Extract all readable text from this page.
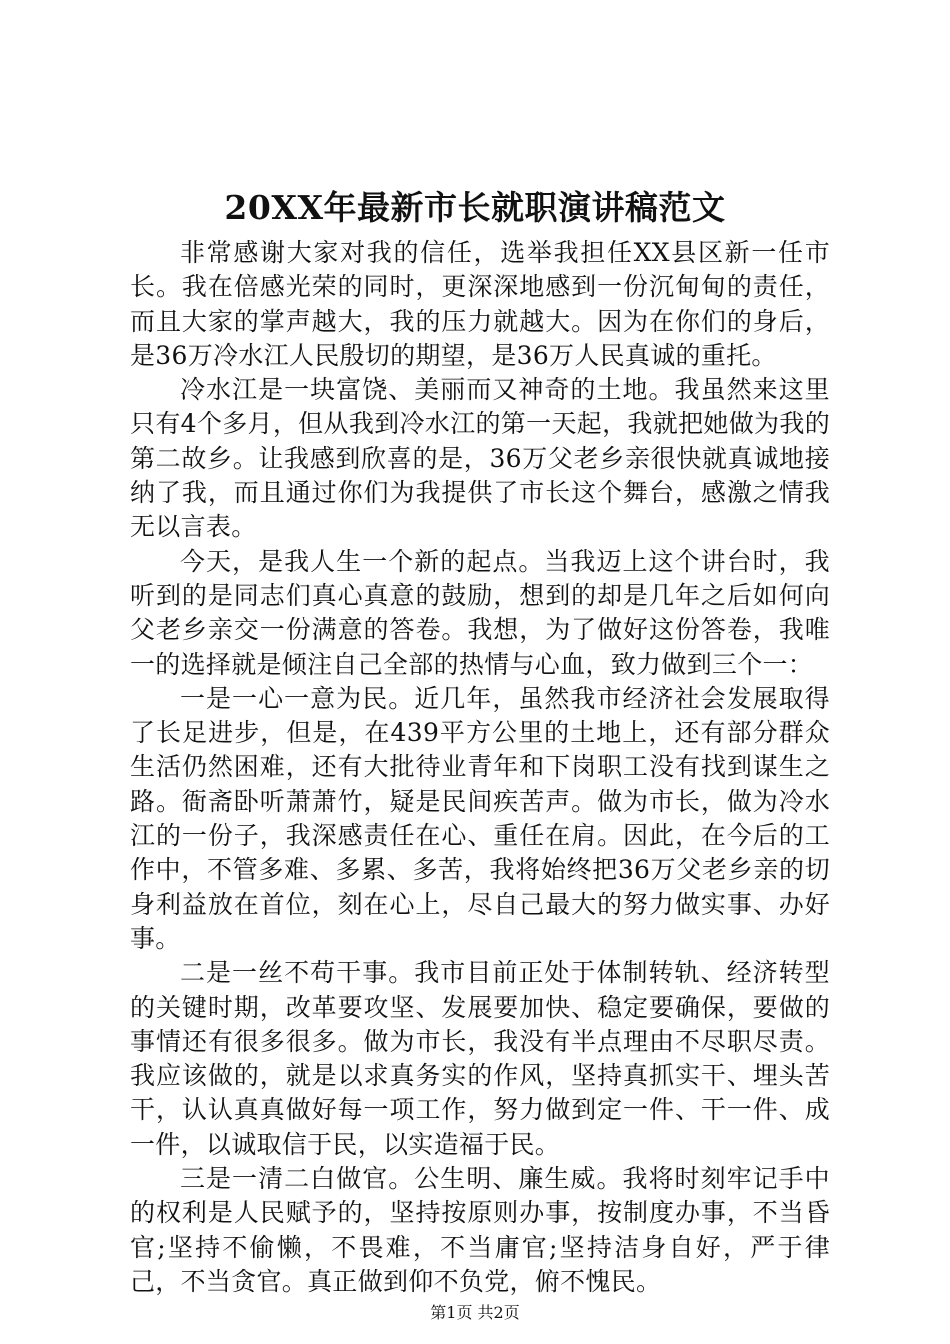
20XX年最新市长就职演讲稿范文

非常感谢大家对我的信任，选举我担任XX县区新一任市长。我在倍感光荣的同时，更深深地感到一份沉甸甸的责任，而且大家的掌声越大，我的压力就越大。因为在你们的身后，是36万冷水江人民殷切的期望，是36万人民真诚的重托。

冷水江是一块富饶、美丽而又神奇的土地。我虽然来这里只有4个多月，但从我到冷水江的第一天起，我就把她做为我的第二故乡。让我感到欣喜的是，36万父老乡亲很快就真诚地接纳了我，而且通过你们为我提供了市长这个舞台，感激之情我无以言表。

今天，是我人生一个新的起点。当我迈上这个讲台时，我听到的是同志们真心真意的鼓励，想到的却是几年之后如何向父老乡亲交一份满意的答卷。我想，为了做好这份答卷，我唯一的选择就是倾注自己全部的热情与心血，致力做到三个一：

一是一心一意为民。近几年，虽然我市经济社会发展取得了长足进步，但是，在439平方公里的土地上，还有部分群众生活仍然困难，还有大批待业青年和下岗职工没有找到谋生之路。衙斋卧听萧萧竹，疑是民间疾苦声。做为市长，做为冷水江的一份子，我深感责任在心、重任在肩。因此，在今后的工作中，不管多难、多累、多苦，我将始终把36万父老乡亲的切身利益放在首位，刻在心上，尽自己最大的努力做实事、办好事。

二是一丝不苟干事。我市目前正处于体制转轨、经济转型的关键时期，改革要攻坚、发展要加快、稳定要确保，要做的事情还有很多很多。做为市长，我没有半点理由不尽职尽责。我应该做的，就是以求真务实的作风，坚持真抓实干、埋头苦干，认认真真做好每一项工作，努力做到定一件、干一件、成一件，以诚取信于民，以实造福于民。

三是一清二白做官。公生明、廉生威。我将时刻牢记手中的权利是人民赋予的，坚持按原则办事，按制度办事，不当昏官;坚持不偷懒，不畏难，不当庸官;坚持洁身自好，严于律己，不当贪官。真正做到仰不负党，俯不愧民。

第1页 共2页
